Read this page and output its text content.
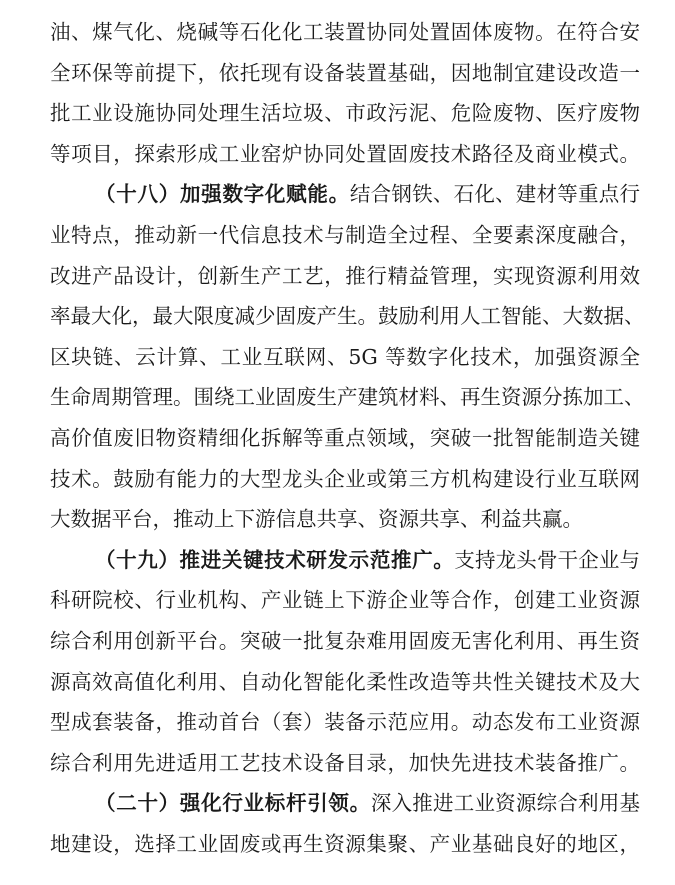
油、煤气化、烧碱等石化化工装置协同处置固体废物。在符合安
全环保等前提下，依托现有设备装置基础，因地制宜建设改造一
批工业设施协同处理生活垃圾、市政污泥、危险废物、医疗废物
等项目，探索形成工业窑炉协同处置固废技术路径及商业模式。
（十八）加强数字化赋能。结合钢铁、石化、建材等重点行
业特点，推动新一代信息技术与制造全过程、全要素深度融合，
改进产品设计，创新生产工艺，推行精益管理，实现资源利用效
率最大化，最大限度减少固废产生。鼓励利用人工智能、大数据、
区块链、云计算、工业互联网、5G 等数字化技术，加强资源全
生命周期管理。围绕工业固废生产建筑材料、再生资源分拣加工、
高价值废旧物资精细化拆解等重点领域，突破一批智能制造关键
技术。鼓励有能力的大型龙头企业或第三方机构建设行业互联网
大数据平台，推动上下游信息共享、资源共享、利益共赢。
（十九）推进关键技术研发示范推广。支持龙头骨干企业与
科研院校、行业机构、产业链上下游企业等合作，创建工业资源
综合利用创新平台。突破一批复杂难用固废无害化利用、再生资
源高效高值化利用、自动化智能化柔性改造等共性关键技术及大
型成套装备，推动首台（套）装备示范应用。动态发布工业资源
综合利用先进适用工艺技术设备目录，加快先进技术装备推广。
（二十）强化行业标杆引领。深入推进工业资源综合利用基
地建设，选择工业固废或再生资源集聚、产业基础良好的地区，
